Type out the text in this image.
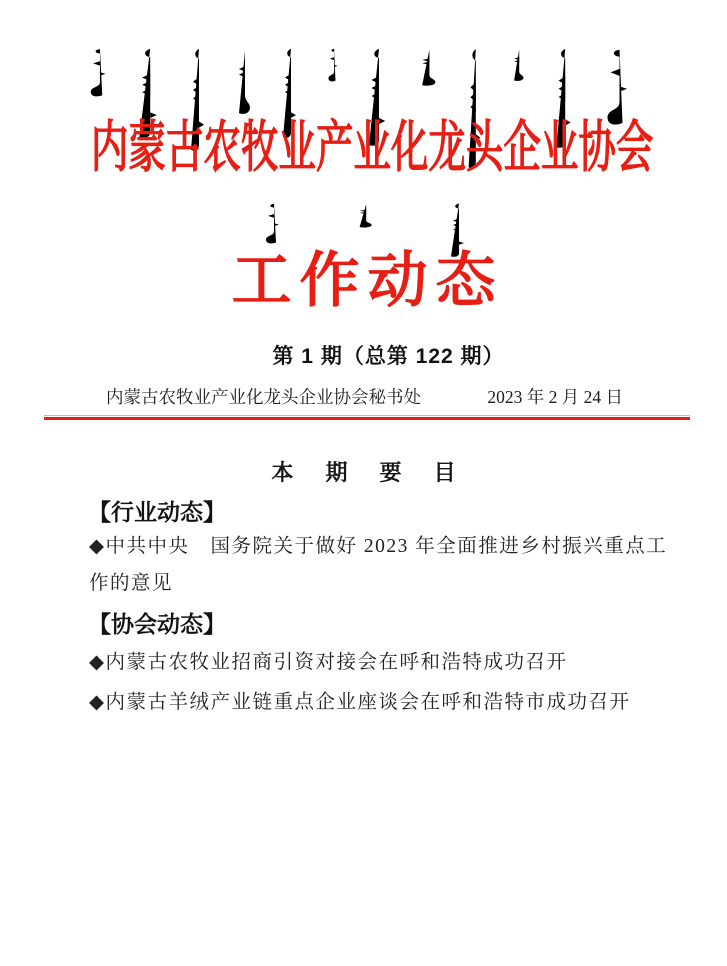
内蒙古农牧业产业化龙头企业协会
工作动态
第 1 期（总第 122 期）
内蒙古农牧业产业化龙头企业协会秘书处	2023 年 2 月 24 日
本 期 要 目
【行业动态】

◆中共中央　国务院关于做好 2023 年全面推进乡村振兴重点工作的意见

【协会动态】

◆内蒙古农牧业招商引资对接会在呼和浩特成功召开

◆内蒙古羊绒产业链重点企业座谈会在呼和浩特市成功召开
